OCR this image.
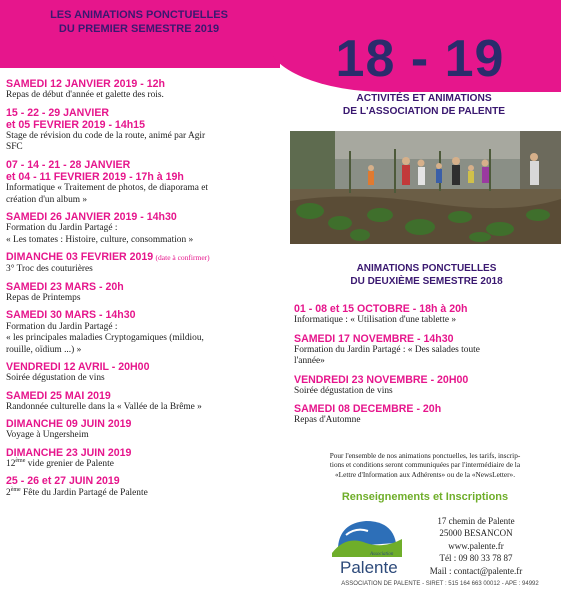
LES ANIMATIONS PONCTUELLES
DU PREMIER SEMESTRE 2019
18 - 19
ACTIVITÉS ET ANIMATIONS
DE L'ASSOCIATION DE PALENTE
SAMEDI 12 JANVIER 2019 - 12h
Repas de début d'année et galette des rois.
15 - 22 - 29 JANVIER
et 05 FEVRIER 2019 - 14h15
Stage de révision du code de la route, animé par Agir
SFC
07 - 14 - 21 - 28 JANVIER
et 04 - 11 FEVRIER 2019 - 17h à 19h
Informatique « Traitement de photos, de diaporama et
création d'un album »
SAMEDI 26 JANVIER 2019 - 14h30
Formation du Jardin Partagé :
« Les tomates : Histoire, culture, consommation »
DIMANCHE 03 FEVRIER 2019 (date à confirmer)
3° Troc des couturières
SAMEDI 23 MARS - 20h
Repas de Printemps
SAMEDI 30 MARS - 14h30
Formation du Jardin Partagé :
« les principales maladies Cryptogamiques (mildiou,
rouille, oïdium ...) »
VENDREDI 12 AVRIL - 20H00
Soirée dégustation de vins
SAMEDI 25 MAI 2019
Randonnée culturelle dans la « Vallée de la Brême »
DIMANCHE 09 JUIN 2019
Voyage à Ungersheim
DIMANCHE 23 JUIN 2019
12ème vide grenier de Palente
25 - 26 et 27 JUIN 2019
2ème Fête du Jardin Partagé de Palente
ANIMATIONS PONCTUELLES
DU DEUXIÈME SEMESTRE 2018
01 - 08 et 15 OCTOBRE - 18h à 20h
Informatique : « Utilisation d'une tablette »
SAMEDI 17 NOVEMBRE - 14h30
Formation du Jardin Partagé : « Des salades toute
l'année»
VENDREDI 23 NOVEMBRE - 20H00
Soirée dégustation de vins
SAMEDI 08 DECEMBRE - 20h
Repas d'Automne
Pour l'ensemble de nos animations ponctuelles, les tarifs, inscrip-
tions et conditions seront communiquées par l'intermédiaire de la
«Lettre d'Information aux Adhérents» ou de la «NewsLetter».
Renseignements et Inscriptions
Association
Palente
17 chemin de Palente
25000 BESANCON
www.palente.fr
Tél : 09 80 33 78 87
Mail : contact@palente.fr
ASSOCIATION DE PALENTE - SIRET : 515 164 663 00012 - APE : 94992
